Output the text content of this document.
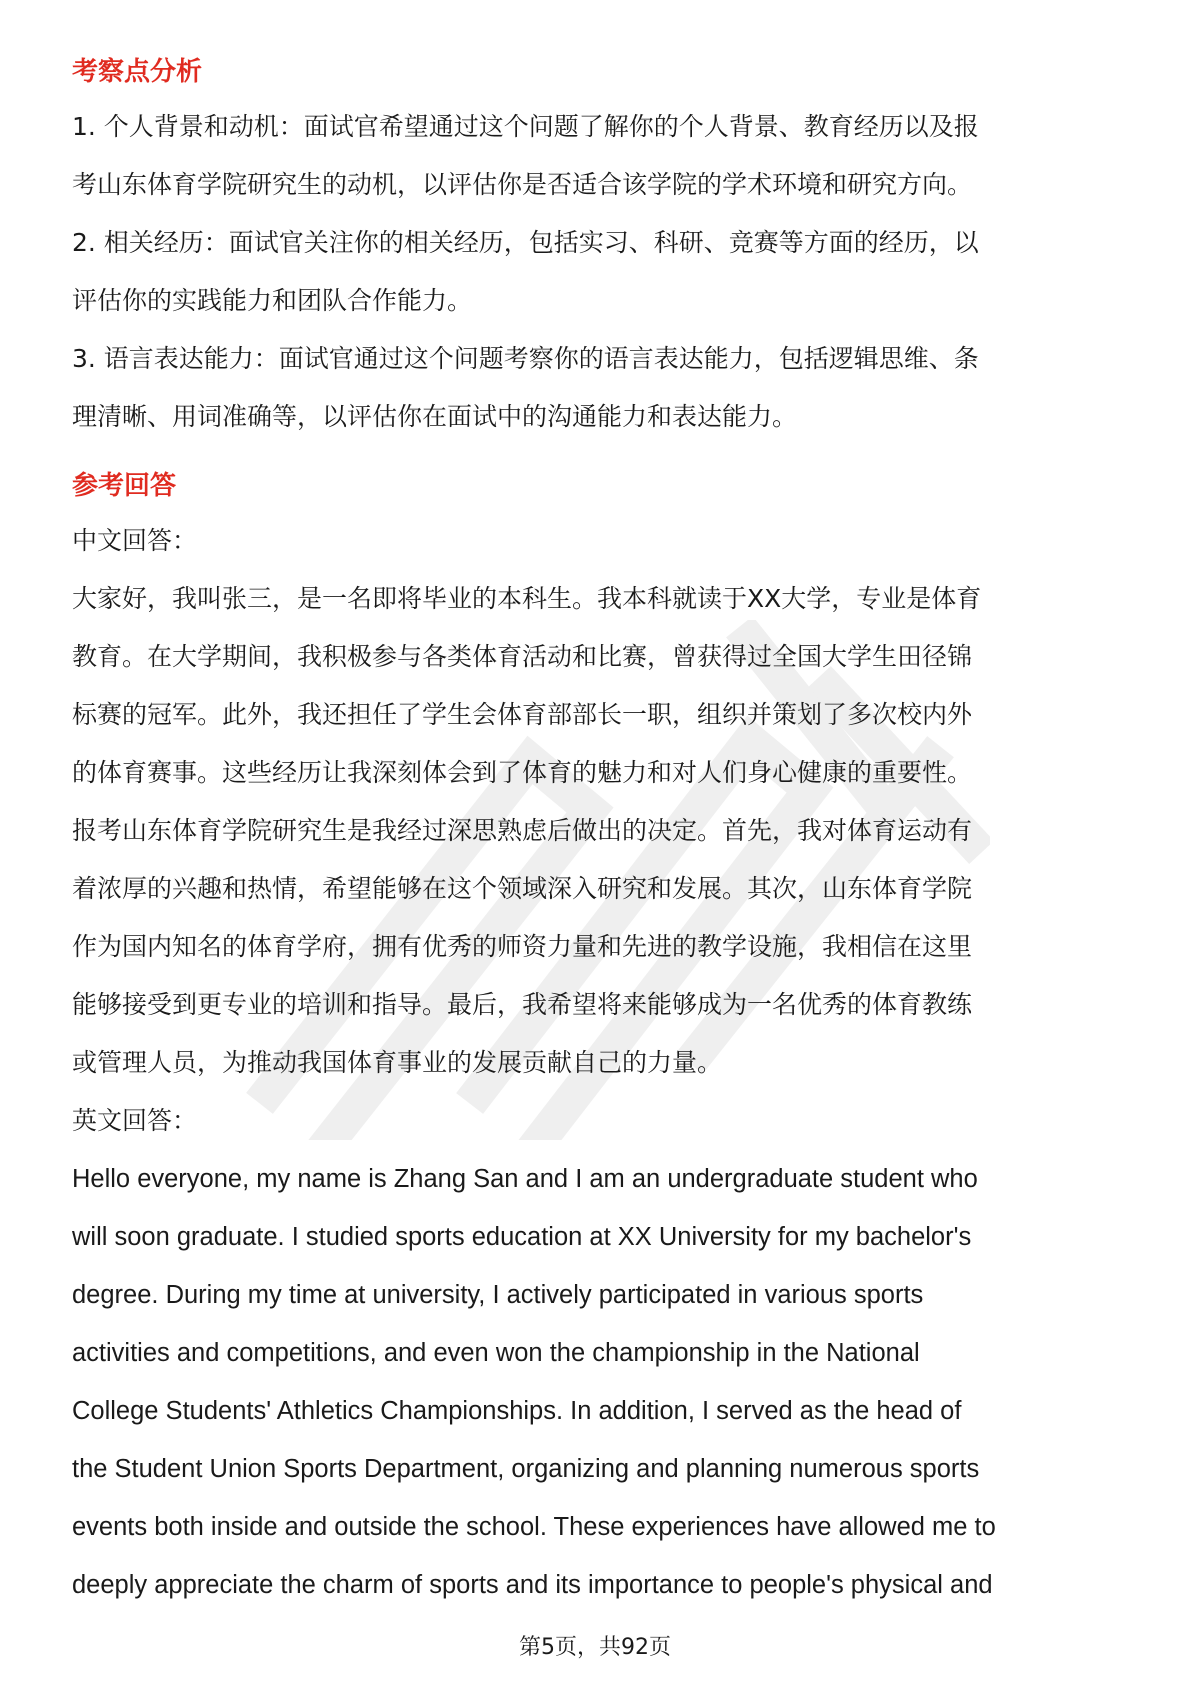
考察点分析

1. 个人背景和动机：面试官希望通过这个问题了解你的个人背景、教育经历以及报

考山东体育学院研究生的动机，以评估你是否适合该学院的学术环境和研究方向。

2. 相关经历：面试官关注你的相关经历，包括实习、科研、竞赛等方面的经历，以

评估你的实践能力和团队合作能力。

3. 语言表达能力：面试官通过这个问题考察你的语言表达能力，包括逻辑思维、条

理清晰、用词准确等，以评估你在面试中的沟通能力和表达能力。

参考回答

中文回答：

大家好，我叫张三，是一名即将毕业的本科生。我本科就读于XX大学，专业是体育

教育。在大学期间，我积极参与各类体育活动和比赛，曾获得过全国大学生田径锦

标赛的冠军。此外，我还担任了学生会体育部部长一职，组织并策划了多次校内外

的体育赛事。这些经历让我深刻体会到了体育的魅力和对人们身心健康的重要性。

报考山东体育学院研究生是我经过深思熟虑后做出的决定。首先，我对体育运动有

着浓厚的兴趣和热情，希望能够在这个领域深入研究和发展。其次，山东体育学院

作为国内知名的体育学府，拥有优秀的师资力量和先进的教学设施，我相信在这里

能够接受到更专业的培训和指导。最后，我希望将来能够成为一名优秀的体育教练

或管理人员，为推动我国体育事业的发展贡献自己的力量。

英文回答：

Hello everyone, my name is Zhang San and I am an undergraduate student who

will soon graduate. I studied sports education at XX University for my bachelor's

degree. During my time at university, I actively participated in various sports

activities and competitions, and even won the championship in the National

College Students' Athletics Championships. In addition, I served as the head of

the Student Union Sports Department, organizing and planning numerous sports

events both inside and outside the school. These experiences have allowed me to

deeply appreciate the charm of sports and its importance to people's physical and

第5页，共92页
